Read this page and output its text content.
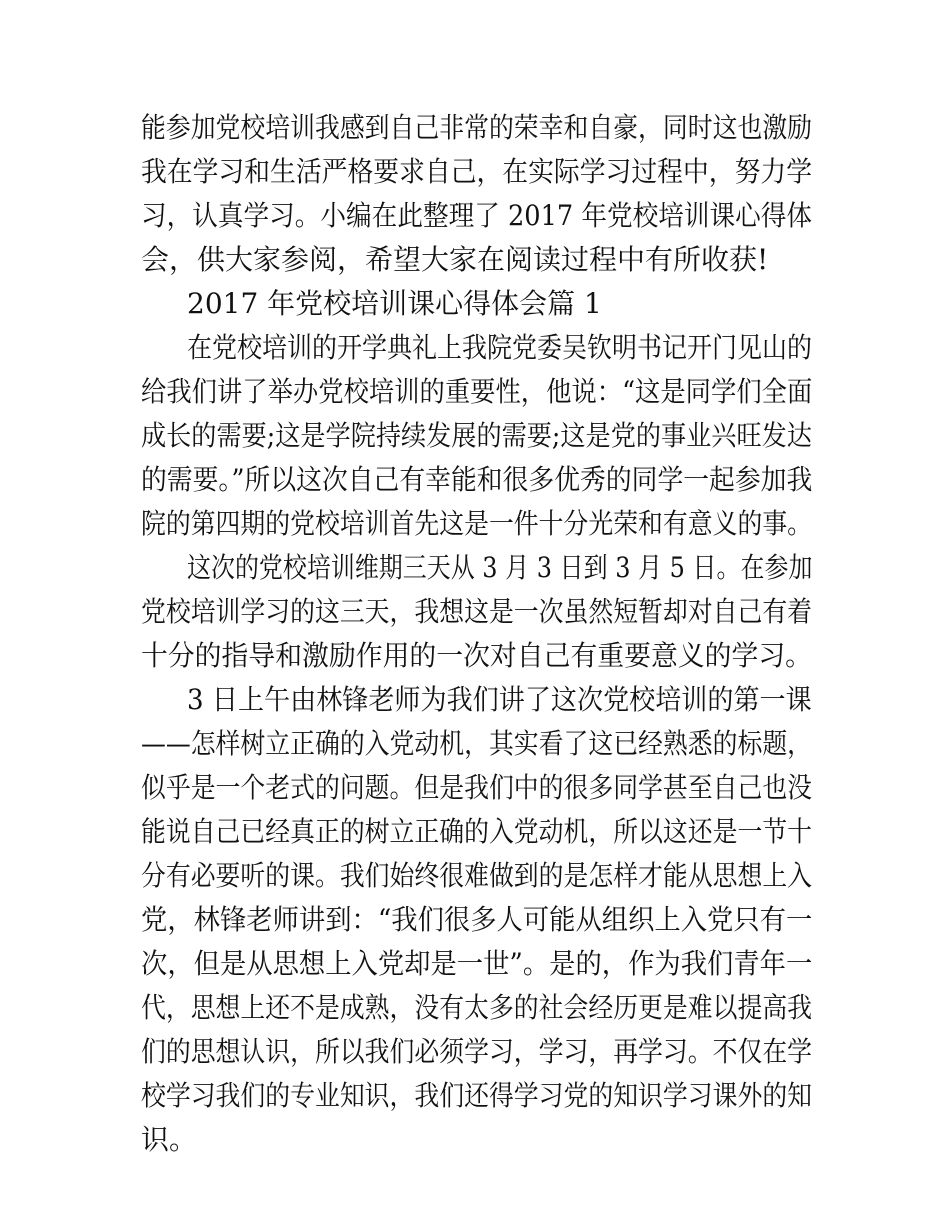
能参加党校培训我感到自己非常的荣幸和自豪，同时这也激励
我在学习和生活严格要求自己，在实际学习过程中，努力学
习，认真学习。小编在此整理了 2017 年党校培训课心得体
会，供大家参阅，希望大家在阅读过程中有所收获!
2017 年党校培训课心得体会篇 1
在党校培训的开学典礼上我院党委吴钦明书记开门见山的
给我们讲了举办党校培训的重要性，他说：“这是同学们全面
成长的需要;这是学院持续发展的需要;这是党的事业兴旺发达
的需要。”所以这次自己有幸能和很多优秀的同学一起参加我
院的第四期的党校培训首先这是一件十分光荣和有意义的事。
这次的党校培训维期三天从 3 月 3 日到 3 月 5 日。在参加
党校培训学习的这三天，我想这是一次虽然短暂却对自己有着
十分的指导和激励作用的一次对自己有重要意义的学习。
3 日上午由林锋老师为我们讲了这次党校培训的第一课
——怎样树立正确的入党动机，其实看了这已经熟悉的标题，
似乎是一个老式的问题。但是我们中的很多同学甚至自己也没
能说自己已经真正的树立正确的入党动机，所以这还是一节十
分有必要听的课。我们始终很难做到的是怎样才能从思想上入
党，林锋老师讲到：“我们很多人可能从组织上入党只有一
次，但是从思想上入党却是一世”。是的，作为我们青年一
代，思想上还不是成熟，没有太多的社会经历更是难以提高我
们的思想认识，所以我们必须学习，学习，再学习。不仅在学
校学习我们的专业知识，我们还得学习党的知识学习课外的知
识。
